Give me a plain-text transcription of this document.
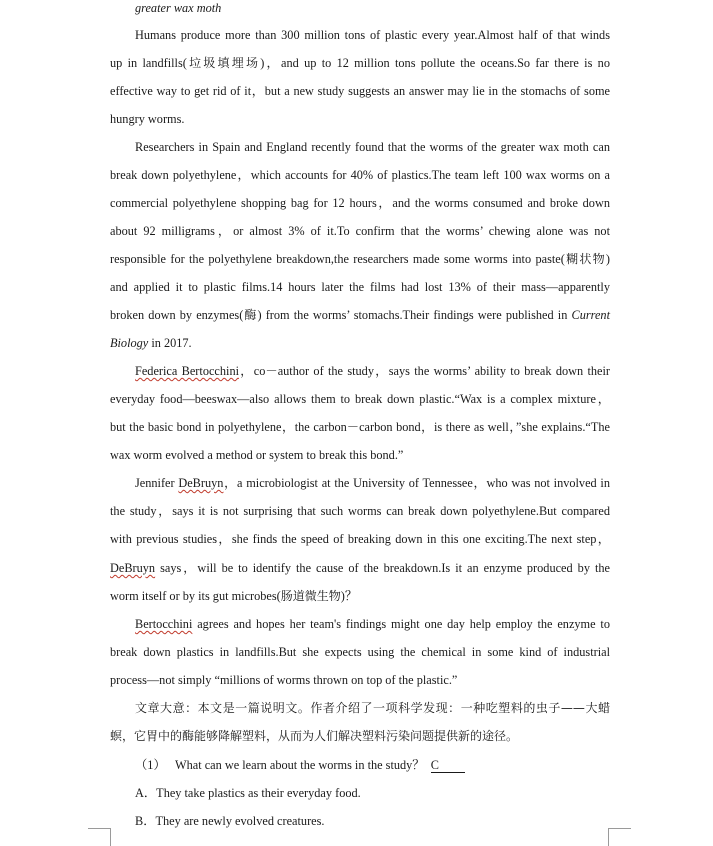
greater wax moth
Humans produce more than 300 million tons of plastic every year.Almost half of that winds
up in landfills(垃圾填埋场)，and up to 12 million tons pollute the oceans.So far there is no
effective way to get rid of it，but a new study suggests an answer may lie in the stomachs of some
hungry worms.
Researchers in Spain and England recently found that the worms of the greater wax moth can
break down polyethylene，which accounts for 40% of plastics.The team left 100 wax worms on a
commercial polyethylene shopping bag for 12 hours，and the worms consumed and broke down
about 92 milligrams，or almost 3% of it.To confirm that the worms’ chewing alone was not
responsible for the polyethylene breakdown,the researchers made some worms into paste(糊状物)
and applied it to plastic films.14 hours later the films had lost 13% of their mass—apparently
broken down by enzymes(酶) from the worms’ stomachs.Their findings were published in Current
Biology in 2017.
Federica Bertocchini，co－author of the study，says the worms’ ability to break down their
everyday food—beeswax—also allows them to break down plastic.“Wax is a complex mixture，
but the basic bond in polyethylene，the carbon－carbon bond，is there as well，”she explains.“The
wax worm evolved a method or system to break this bond.”
Jennifer DeBruyn，a microbiologist at the University of Tennessee，who was not involved in
the study，says it is not surprising that such worms can break down polyethylene.But compared
with previous studies，she finds the speed of breaking down in this one exciting.The next step，
DeBruyn says，will be to identify the cause of the breakdown.Is it an enzyme produced by the
worm itself or by its gut microbes(肠道微生物)？
Bertocchini agrees and hopes her team's findings might one day help employ the enzyme to
break down plastics in landfills.But she expects using the chemical in some kind of industrial
process—not simply “millions of worms thrown on top of the plastic.”
文章大意：本文是一篇说明文。作者介绍了一项科学发现：一种吃塑料的虫子——大蜡
螟，它胃中的酶能够降解塑料，从而为人们解决塑料污染问题提供新的途径。
（1） What can we learn about the worms in the study？ C
A．They take plastics as their everyday food.
B．They are newly evolved creatures.
